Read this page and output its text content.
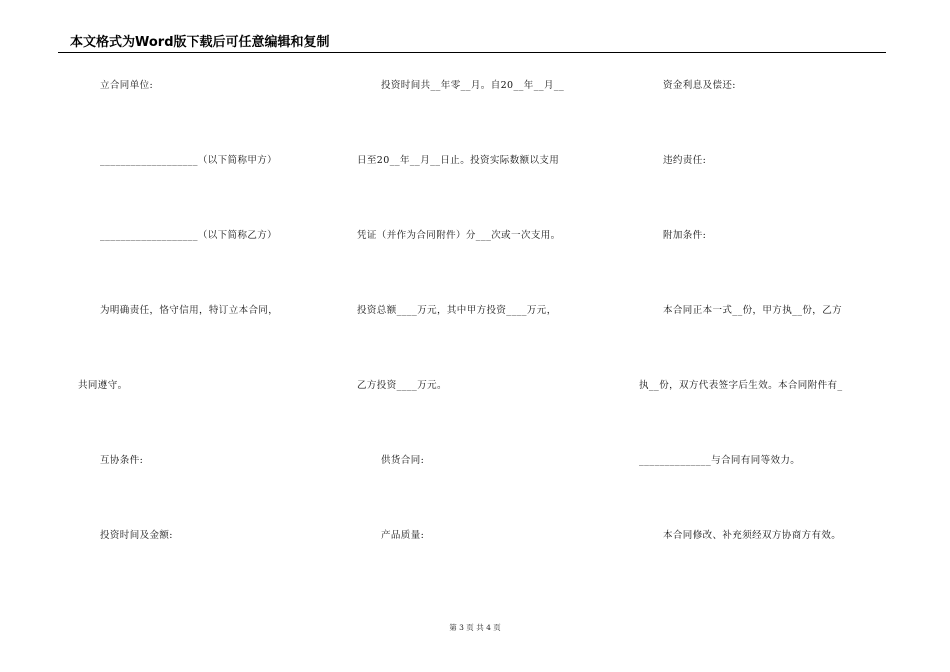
本文格式为Word版下载后可任意编辑和复制
立合同单位:
___________________（以下简称甲方）
___________________（以下简称乙方）
为明确责任，恪守信用，特订立本合同，
共同遵守。
互协条件:
投资时间及金额:
投资时间共__年零__月。自20__年__月__
日至20__年__月__日止。投资实际数额以支用
凭证（并作为合同附件）分___次或一次支用。
投资总额____万元，其中甲方投资____万元，
乙方投资____万元。
供货合同:
产品质量:
资金利息及偿还:
违约责任:
附加条件:
本合同正本一式__份，甲方执__份，乙方
执__份，双方代表签字后生效。本合同附件有_
______________与合同有同等效力。
本合同修改、补充须经双方协商方有效。
第 3 页 共 4 页
